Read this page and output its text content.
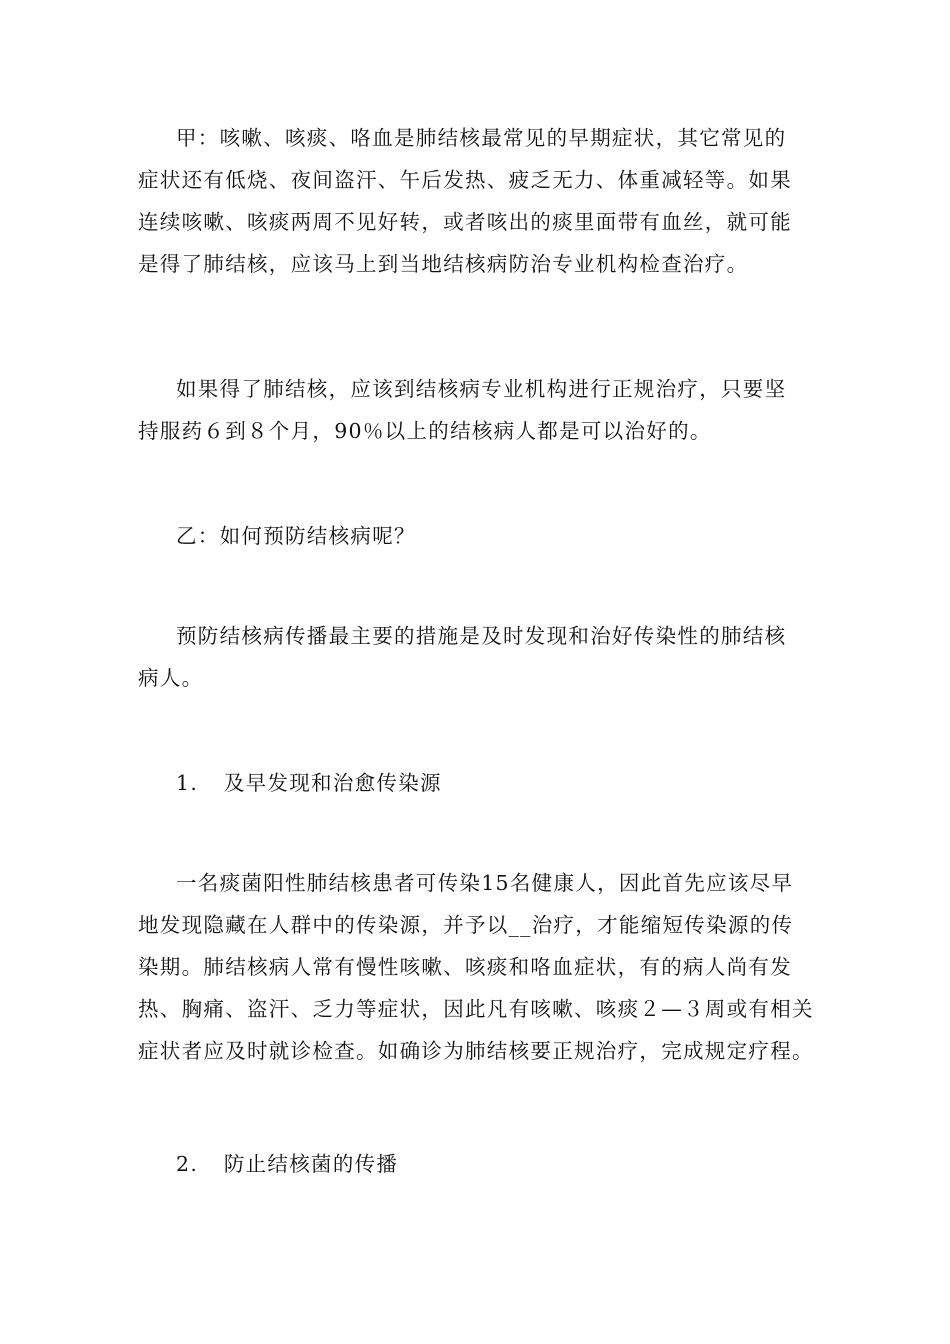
甲：咳嗽、咳痰、咯血是肺结核最常见的早期症状，其它常见的
症状还有低烧、夜间盗汗、午后发热、疲乏无力、体重减轻等。如果
连续咳嗽、咳痰两周不见好转，或者咳出的痰里面带有血丝，就可能
是得了肺结核，应该马上到当地结核病防治专业机构检查治疗。
如果得了肺结核，应该到结核病专业机构进行正规治疗，只要坚
持服药６到８个月，90％以上的结核病人都是可以治好的。
乙：如何预防结核病呢？
预防结核病传播最主要的措施是及时发现和治好传染性的肺结核
病人。
1. 及早发现和治愈传染源
一名痰菌阳性肺结核患者可传染15名健康人，因此首先应该尽早
地发现隐藏在人群中的传染源，并予以__治疗，才能缩短传染源的传
染期。肺结核病人常有慢性咳嗽、咳痰和咯血症状，有的病人尚有发
热、胸痛、盗汗、乏力等症状，因此凡有咳嗽、咳痰２—３周或有相关
症状者应及时就诊检查。如确诊为肺结核要正规治疗，完成规定疗程。
2. 防止结核菌的传播
